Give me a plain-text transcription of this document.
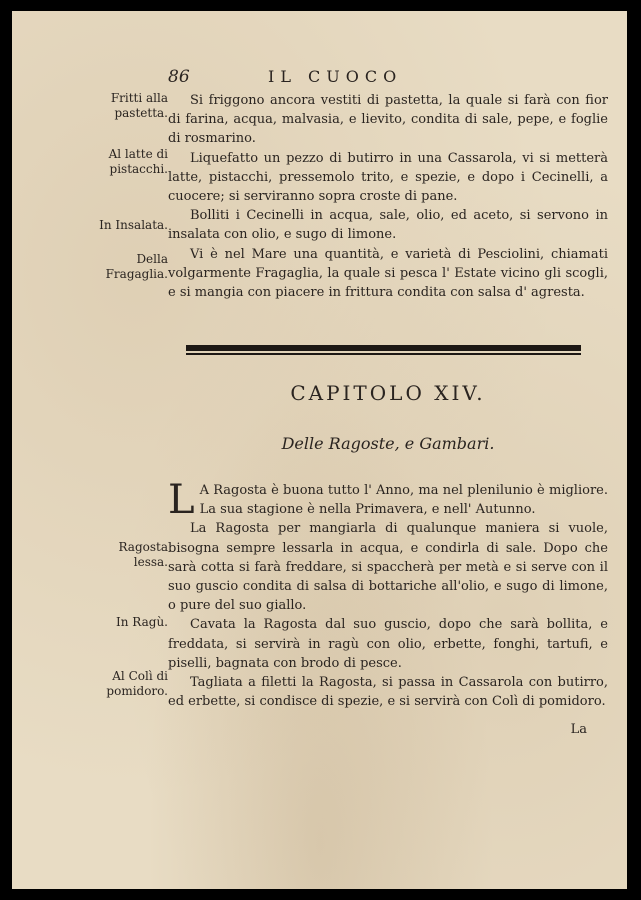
86	IL CUOCO
Fritti alla pastetta.
Al latte di pistacchi.
In Insalata.
Della Fragaglia.

Si friggono ancora vestiti di pastetta, la quale si farà con fior di farina, acqua, malvasia, e lievito, condita di sale, pepe, e foglie di rosmarino.

Liquefatto un pezzo di butirro in una Cassarola, vi si metterà latte, pistacchi, pressemolo trito, e spezie, e dopo i Cecinelli, a cuocere; si serviranno sopra croste di pane.

Bolliti i Cecinelli in acqua, sale, olio, ed aceto, si servono in insalata con olio, e sugo di limone.

Vi è nel Mare una quantità, e varietà di Pesciolini, chiamati volgarmente Fragaglia, la quale si pesca l' Estate vicino gli scogli, e si mangia con piacere in frittura condita con salsa d' agresta.

CAPITOLO XIV.
Delle Ragoste, e Gambari.
Ragosta lessa.
In Ragù.
Al Colì di pomidoro.

L A Ragosta è buona tutto l' Anno, ma nel plenilunio è migliore. La sua stagione è nella Primavera, e nell' Autunno.

La Ragosta per mangiarla di qualunque maniera si vuole, bisogna sempre lessarla in acqua, e condirla di sale. Dopo che sarà cotta si farà freddare, si spaccherà per metà e si serve con il suo guscio condita di salsa di bottariche all'olio, e sugo di limone, o pure del suo giallo.

Cavata la Ragosta dal suo guscio, dopo che sarà bollita, e freddata, si servirà in ragù con olio, erbette, fonghi, tartufi, e piselli, bagnata con brodo di pesce.

Tagliata a filetti la Ragosta, si passa in Cassarola con butirro, ed erbette, si condisce di spezie, e si servirà con Colì di pomidoro.

La
